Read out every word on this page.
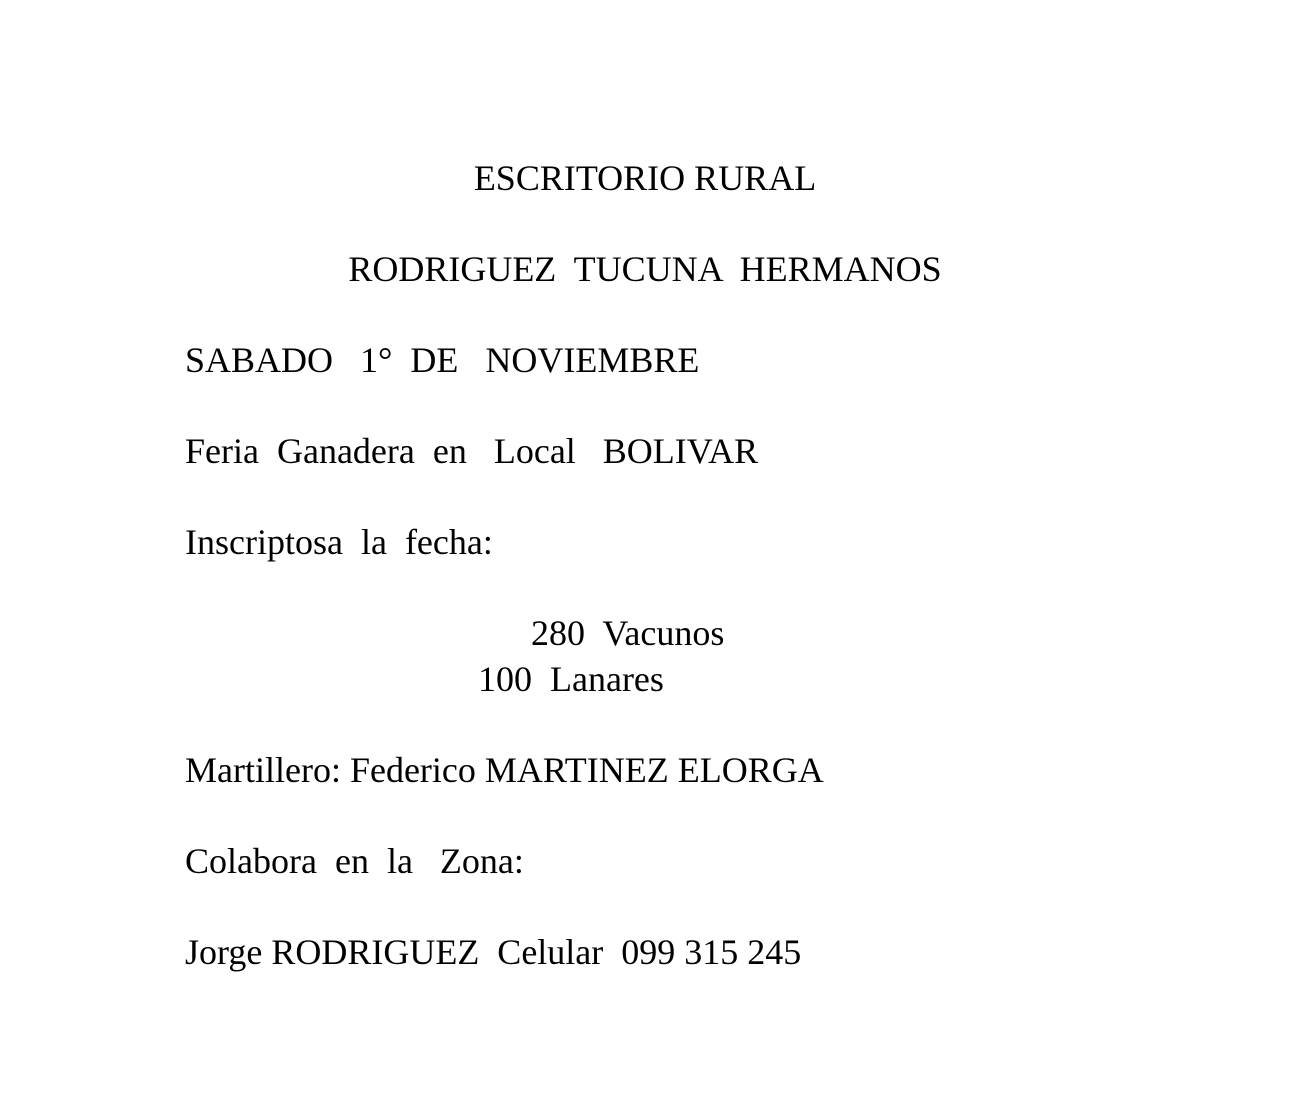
ESCRITORIO RURAL

RODRIGUEZ  TUCUNA  HERMANOS

SABADO   1°  DE   NOVIEMBRE

Feria  Ganadera  en   Local   BOLIVAR

Inscriptosa  la  fecha:

280  Vacunos

100  Lanares

Martillero: Federico MARTINEZ ELORGA

Colabora  en  la   Zona:

Jorge RODRIGUEZ  Celular  099 315 245
